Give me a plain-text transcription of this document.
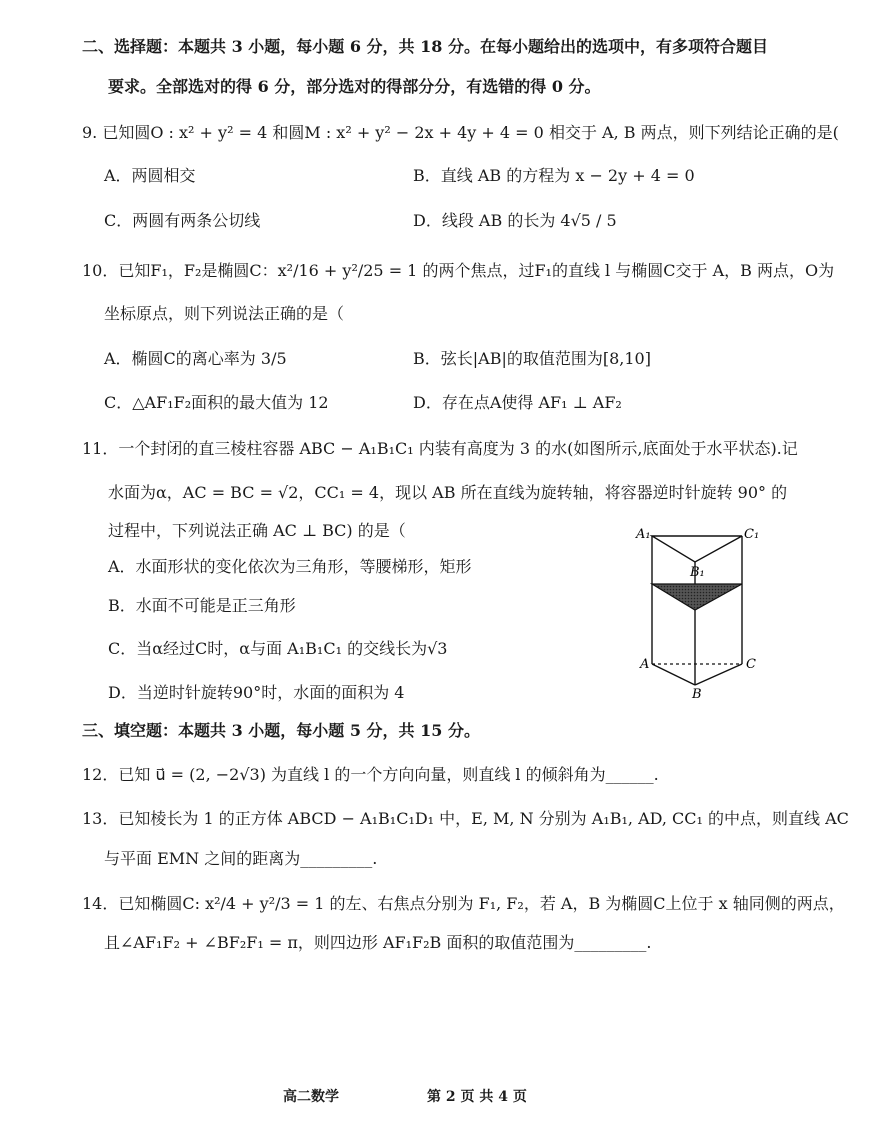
二、选择题：本题共 3 小题，每小题 6 分，共 18 分。在每小题给出的选项中，有多项符合题目
要求。全部选对的得 6 分，部分选对的得部分分，有选错的得 0 分。
9. 已知圆O : x² + y² = 4 和圆M : x² + y² − 2x + 4y + 4 = 0 相交于 A, B 两点，则下列结论正确的是(
A．两圆相交	B．直线 AB 的方程为 x − 2y + 4 = 0
C．两圆有两条公切线	D．线段 AB 的长为 4√5 / 5
10．已知F₁，F₂是椭圆C：x²/16 + y²/25 = 1 的两个焦点，过F₁的直线 l 与椭圆C交于 A，B 两点，O为
坐标原点，则下列说法正确的是（
A．椭圆C的离心率为 3/5	B．弦长|AB|的取值范围为[8,10]
C．△AF₁F₂面积的最大值为 12	D．存在点A使得 AF₁ ⊥ AF₂
11．一个封闭的直三棱柱容器 ABC − A₁B₁C₁ 内装有高度为 3 的水(如图所示,底面处于水平状态).记
水面为α，AC = BC = √2，CC₁ = 4，现以 AB 所在直线为旋转轴，将容器逆时针旋转 90° 的
过程中，下列说法正确 AC ⊥ BC) 的是（
A．水面形状的变化依次为三角形，等腰梯形，矩形
B．水面不可能是正三角形
C．当α经过C时，α与面 A₁B₁C₁ 的交线长为√3
D．当逆时针旋转90°时，水面的面积为 4
A₁	C₁
B₁
A	C
B
三、填空题：本题共 3 小题，每小题 5 分，共 15 分。
12．已知 u⃗ = (2, −2√3) 为直线 l 的一个方向向量，则直线 l 的倾斜角为______.
13．已知棱长为 1 的正方体 ABCD − A₁B₁C₁D₁ 中，E, M, N 分别为 A₁B₁, AD, CC₁ 的中点，则直线 AC
与平面 EMN 之间的距离为_________.
14．已知椭圆C: x²/4 + y²/3 = 1 的左、右焦点分别为 F₁, F₂，若 A，B 为椭圆C上位于 x 轴同侧的两点，
且∠AF₁F₂ + ∠BF₂F₁ = π，则四边形 AF₁F₂B 面积的取值范围为_________.
高二数学	第 2 页 共 4 页
